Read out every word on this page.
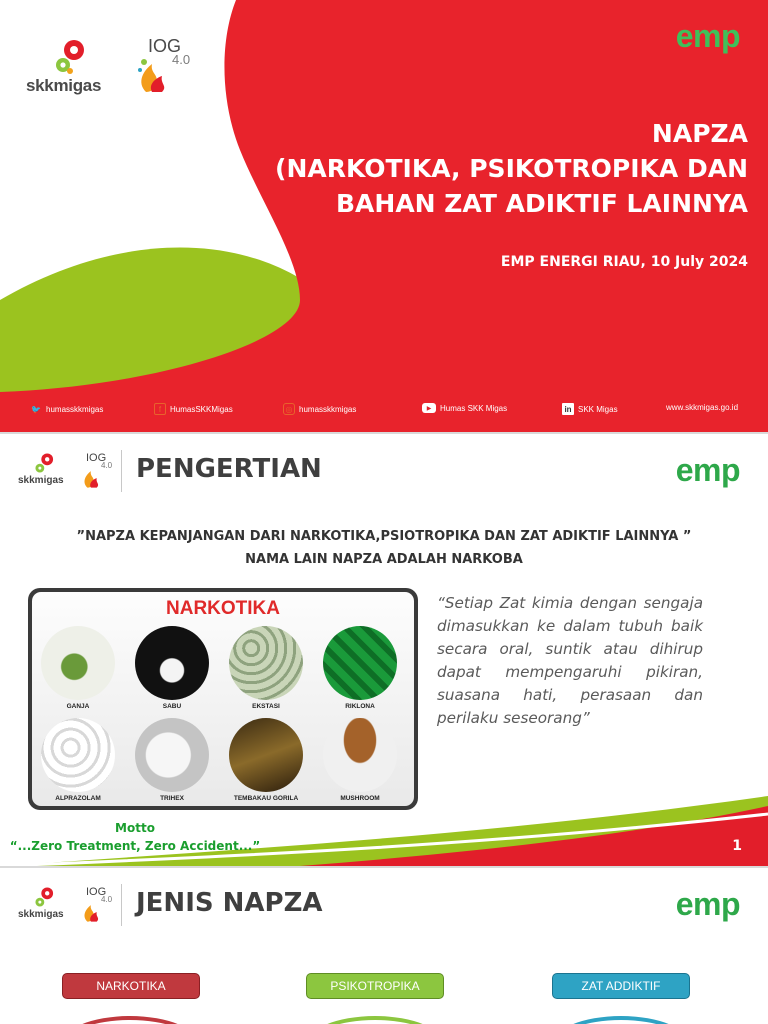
skkmigas
IOG
4.0
emp
NAPZA
(NARKOTIKA, PSIKOTROPIKA DAN
BAHAN ZAT ADIKTIF LAINNYA
EMP ENERGI RIAU, 10 July 2024
🐦 humasskkmigas	f	HumasSKKMigas	◎ humasskkmigas	▶	Humas SKK Migas	in SKK Migas	www.skkmigas.go.id
skkmigas
IOG
4.0 PENGERTIAN	emp
”NAPZA KEPANJANGAN DARI NARKOTIKA,PSIOTROPIKA DAN ZAT ADIKTIF LAINNYA ”
NAMA LAIN NAPZA ADALAH NARKOBA
NARKOTIKA
GANJA	SABU	EKSTASI	RIKLONA
ALPRAZOLAM	TRIHEX	TEMBAKAU GORILA	MUSHROOM
“Setiap Zat kimia dengan sengaja dimasukkan ke dalam tubuh baik secara oral, suntik atau dihirup dapat mempengaruhi pikiran, suasana hati, perasaan dan perilaku seseorang”
Motto
“...Zero Treatment, Zero Accident...”	1
skkmigas
IOG
4.0 JENIS NAPZA	emp
NARKOTIKA	PSIKOTROPIKA	ZAT ADDIKTIF
